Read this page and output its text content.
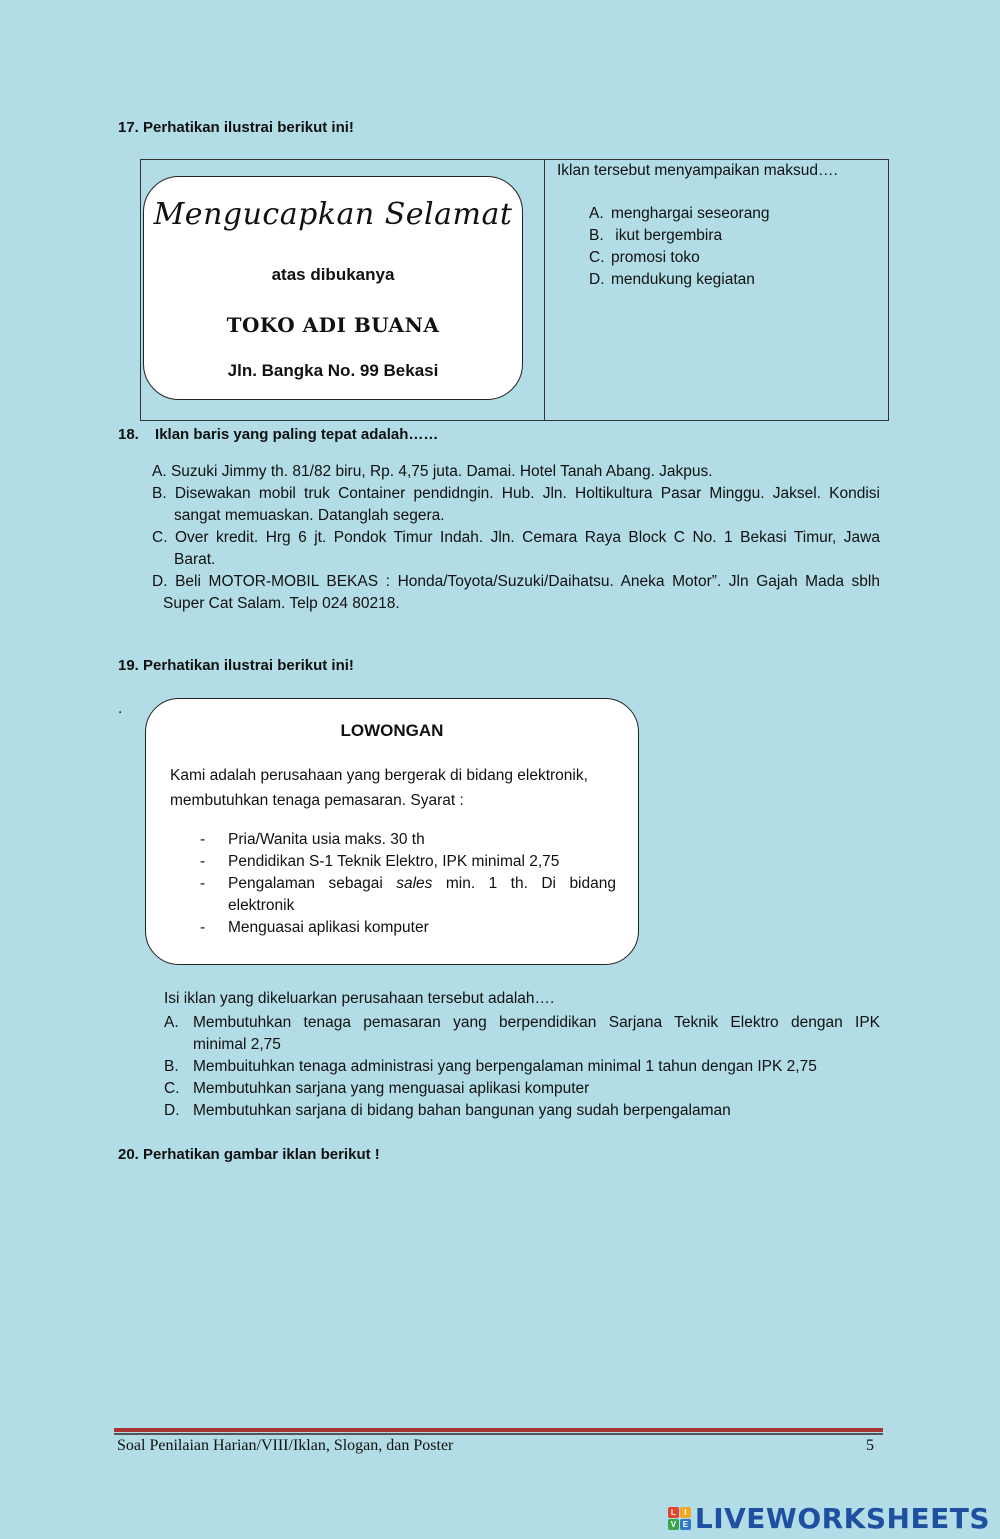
17. Perhatikan ilustrai berikut ini!
Mengucapkan Selamat
atas dibukanya
TOKO ADI BUANA
Jln. Bangka No. 99 Bekasi
Iklan tersebut menyampaikan maksud….
A. menghargai seseorang
B. ikut bergembira
C. promosi toko
D. mendukung kegiatan
18. Iklan baris yang paling tepat adalah……
A. Suzuki Jimmy th. 81/82 biru, Rp. 4,75 juta. Damai. Hotel Tanah Abang. Jakpus.
B. Disewakan mobil truk Container pendidngin. Hub. Jln. Holtikultura Pasar Minggu. Jaksel. Kondisi
sangat memuaskan. Datanglah segera.
C. Over kredit. Hrg 6 jt. Pondok Timur Indah. Jln. Cemara Raya Block C No. 1 Bekasi Timur, Jawa
Barat.
D. Beli MOTOR-MOBIL BEKAS : Honda/Toyota/Suzuki/Daihatsu. Aneka Motor”. Jln Gajah Mada sblh
Super Cat Salam. Telp 024 80218.
19. Perhatikan ilustrai berikut ini!
.
LOWONGAN
Kami adalah perusahaan yang bergerak di bidang elektronik,
membutuhkan tenaga pemasaran. Syarat :
-	Pria/Wanita usia maks. 30 th
-	Pendidikan S-1 Teknik Elektro, IPK minimal 2,75
-	Pengalaman sebagai sales min. 1 th. Di bidang
elektronik
-	Menguasai aplikasi komputer
Isi iklan yang dikeluarkan perusahaan tersebut adalah….
A. Membutuhkan tenaga pemasaran yang berpendidikan Sarjana Teknik Elektro dengan IPK
minimal 2,75
B. Membuituhkan tenaga administrasi yang berpengalaman minimal 1 tahun dengan IPK 2,75
C. Membutuhkan sarjana yang menguasai aplikasi komputer
D. Membutuhkan sarjana di bidang bahan bangunan yang sudah berpengalaman
20. Perhatikan gambar iklan berikut !
Soal Penilaian Harian/VIII/Iklan, Slogan, dan Poster	5
L	I
V E LIVEWORKSHEETS
